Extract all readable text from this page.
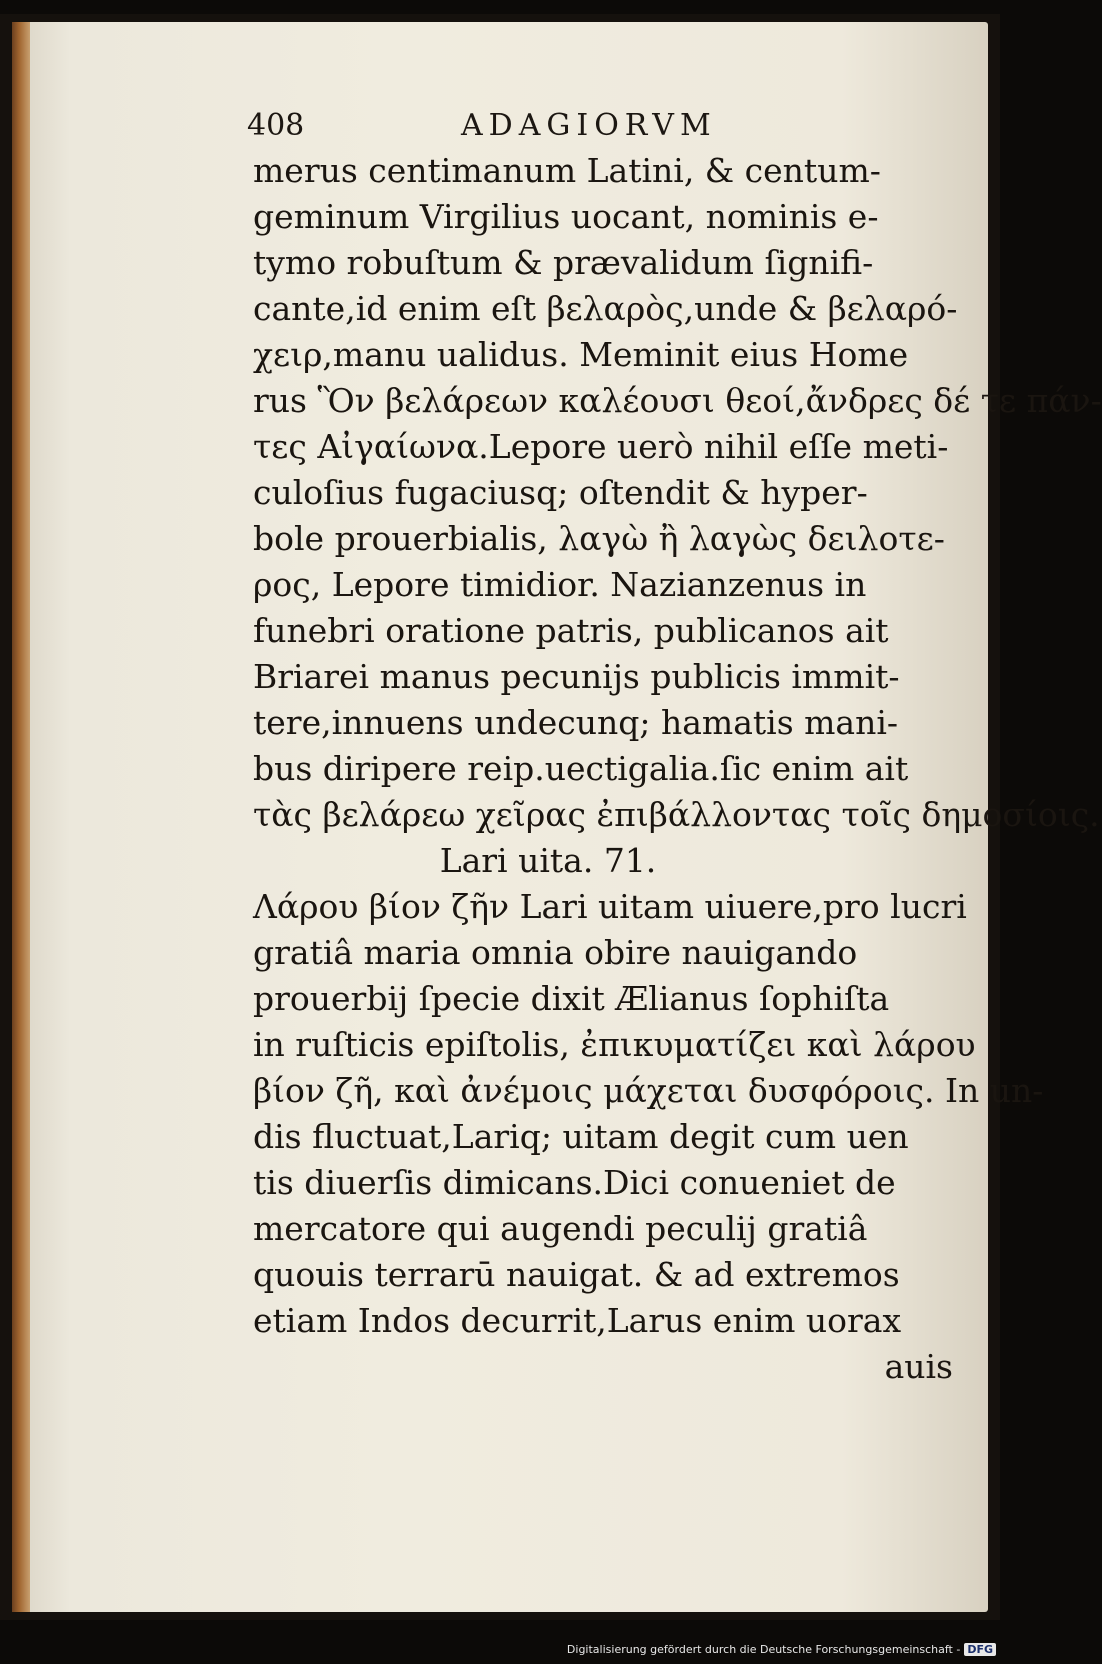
408	ADAGIORVM
merus centimanum Latini, & centum-
geminum Virgilius uocant, nominis e-
tymo robuſtum & prævalidum ſignifi-
cante,id enim eſt βελαρὸς,unde & βελαρό-
χειρ,manu ualidus. Meminit eius Home
rus Ὃν βελάρεων καλέουσι θεοί,ἄνδρες δέ τε πάν-
τες Αἰγαίωνα.Lepore uerò nihil eſſe meti-
culoſius fugaciusq; oſtendit & hyper-
bole prouerbialis, λαγὼ ἢ λαγὼς δειλοτε-
ρος, Lepore timidior. Nazianzenus in
funebri oratione patris, publicanos ait
Briarei manus pecunijs publicis immit-
tere,innuens undecunq; hamatis mani-
bus diripere reip.uectigalia.ſic enim ait
τὰς βελάρεω χεῖρας ἐπιβάλλοντας τοῖς δημοσίοις.
Lari uita. 71.
Λάρου βίον ζῆν Lari uitam uiuere,pro lucri
gratiâ maria omnia obire nauigando
prouerbij ſpecie dixit Ælianus ſophiſta
in ruſticis epiſtolis, ἐπικυματίζει καὶ λάρου
βίον ζῆ, καὶ ἀνέμοις μάχεται δυσφόροις. In un-
dis fluctuat,Lariq; uitam degit cum uen
tis diuerſis dimicans.Dici conueniet de
mercatore qui augendi peculij gratiâ
quouis terrarū nauigat. & ad extremos
etiam Indos decurrit,Larus enim uorax
auis
Digitalisierung gefördert durch die Deutsche Forschungsgemeinschaft - DFG
